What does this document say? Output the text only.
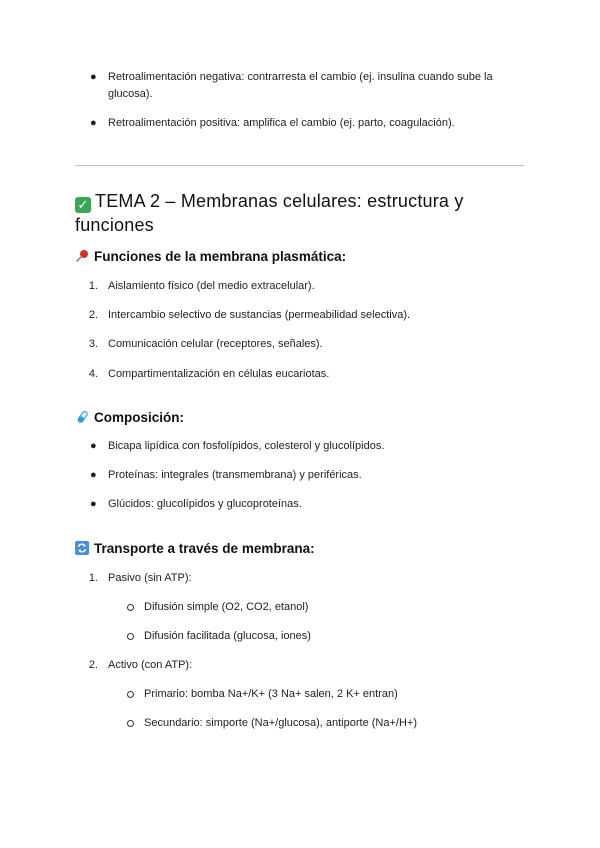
● Retroalimentación negativa: contrarresta el cambio (ej. insulina cuando sube la
glucosa).
● Retroalimentación positiva: amplifica el cambio (ej. parto, coagulación).
✓ TEMA 2 – Membranas celulares: estructura y
funciones
Funciones de la membrana plasmática:
1. Aislamiento físico (del medio extracelular).
2. Intercambio selectivo de sustancias (permeabilidad selectiva).
3. Comunicación celular (receptores, señales).
4. Compartimentalización en células eucariotas.
Composición:
● Bicapa lipídica con fosfolípidos, colesterol y glucolípidos.
● Proteínas: integrales (transmembrana) y periféricas.
● Glúcidos: glucolípidos y glucoproteínas.
Transporte a través de membrana:
1. Pasivo (sin ATP):
Difusión simple (O2, CO2, etanol)
Difusión facilitada (glucosa, iones)
2. Activo (con ATP):
Primario: bomba Na+/K+ (3 Na+ salen, 2 K+ entran)
Secundario: simporte (Na+/glucosa), antiporte (Na+/H+)
